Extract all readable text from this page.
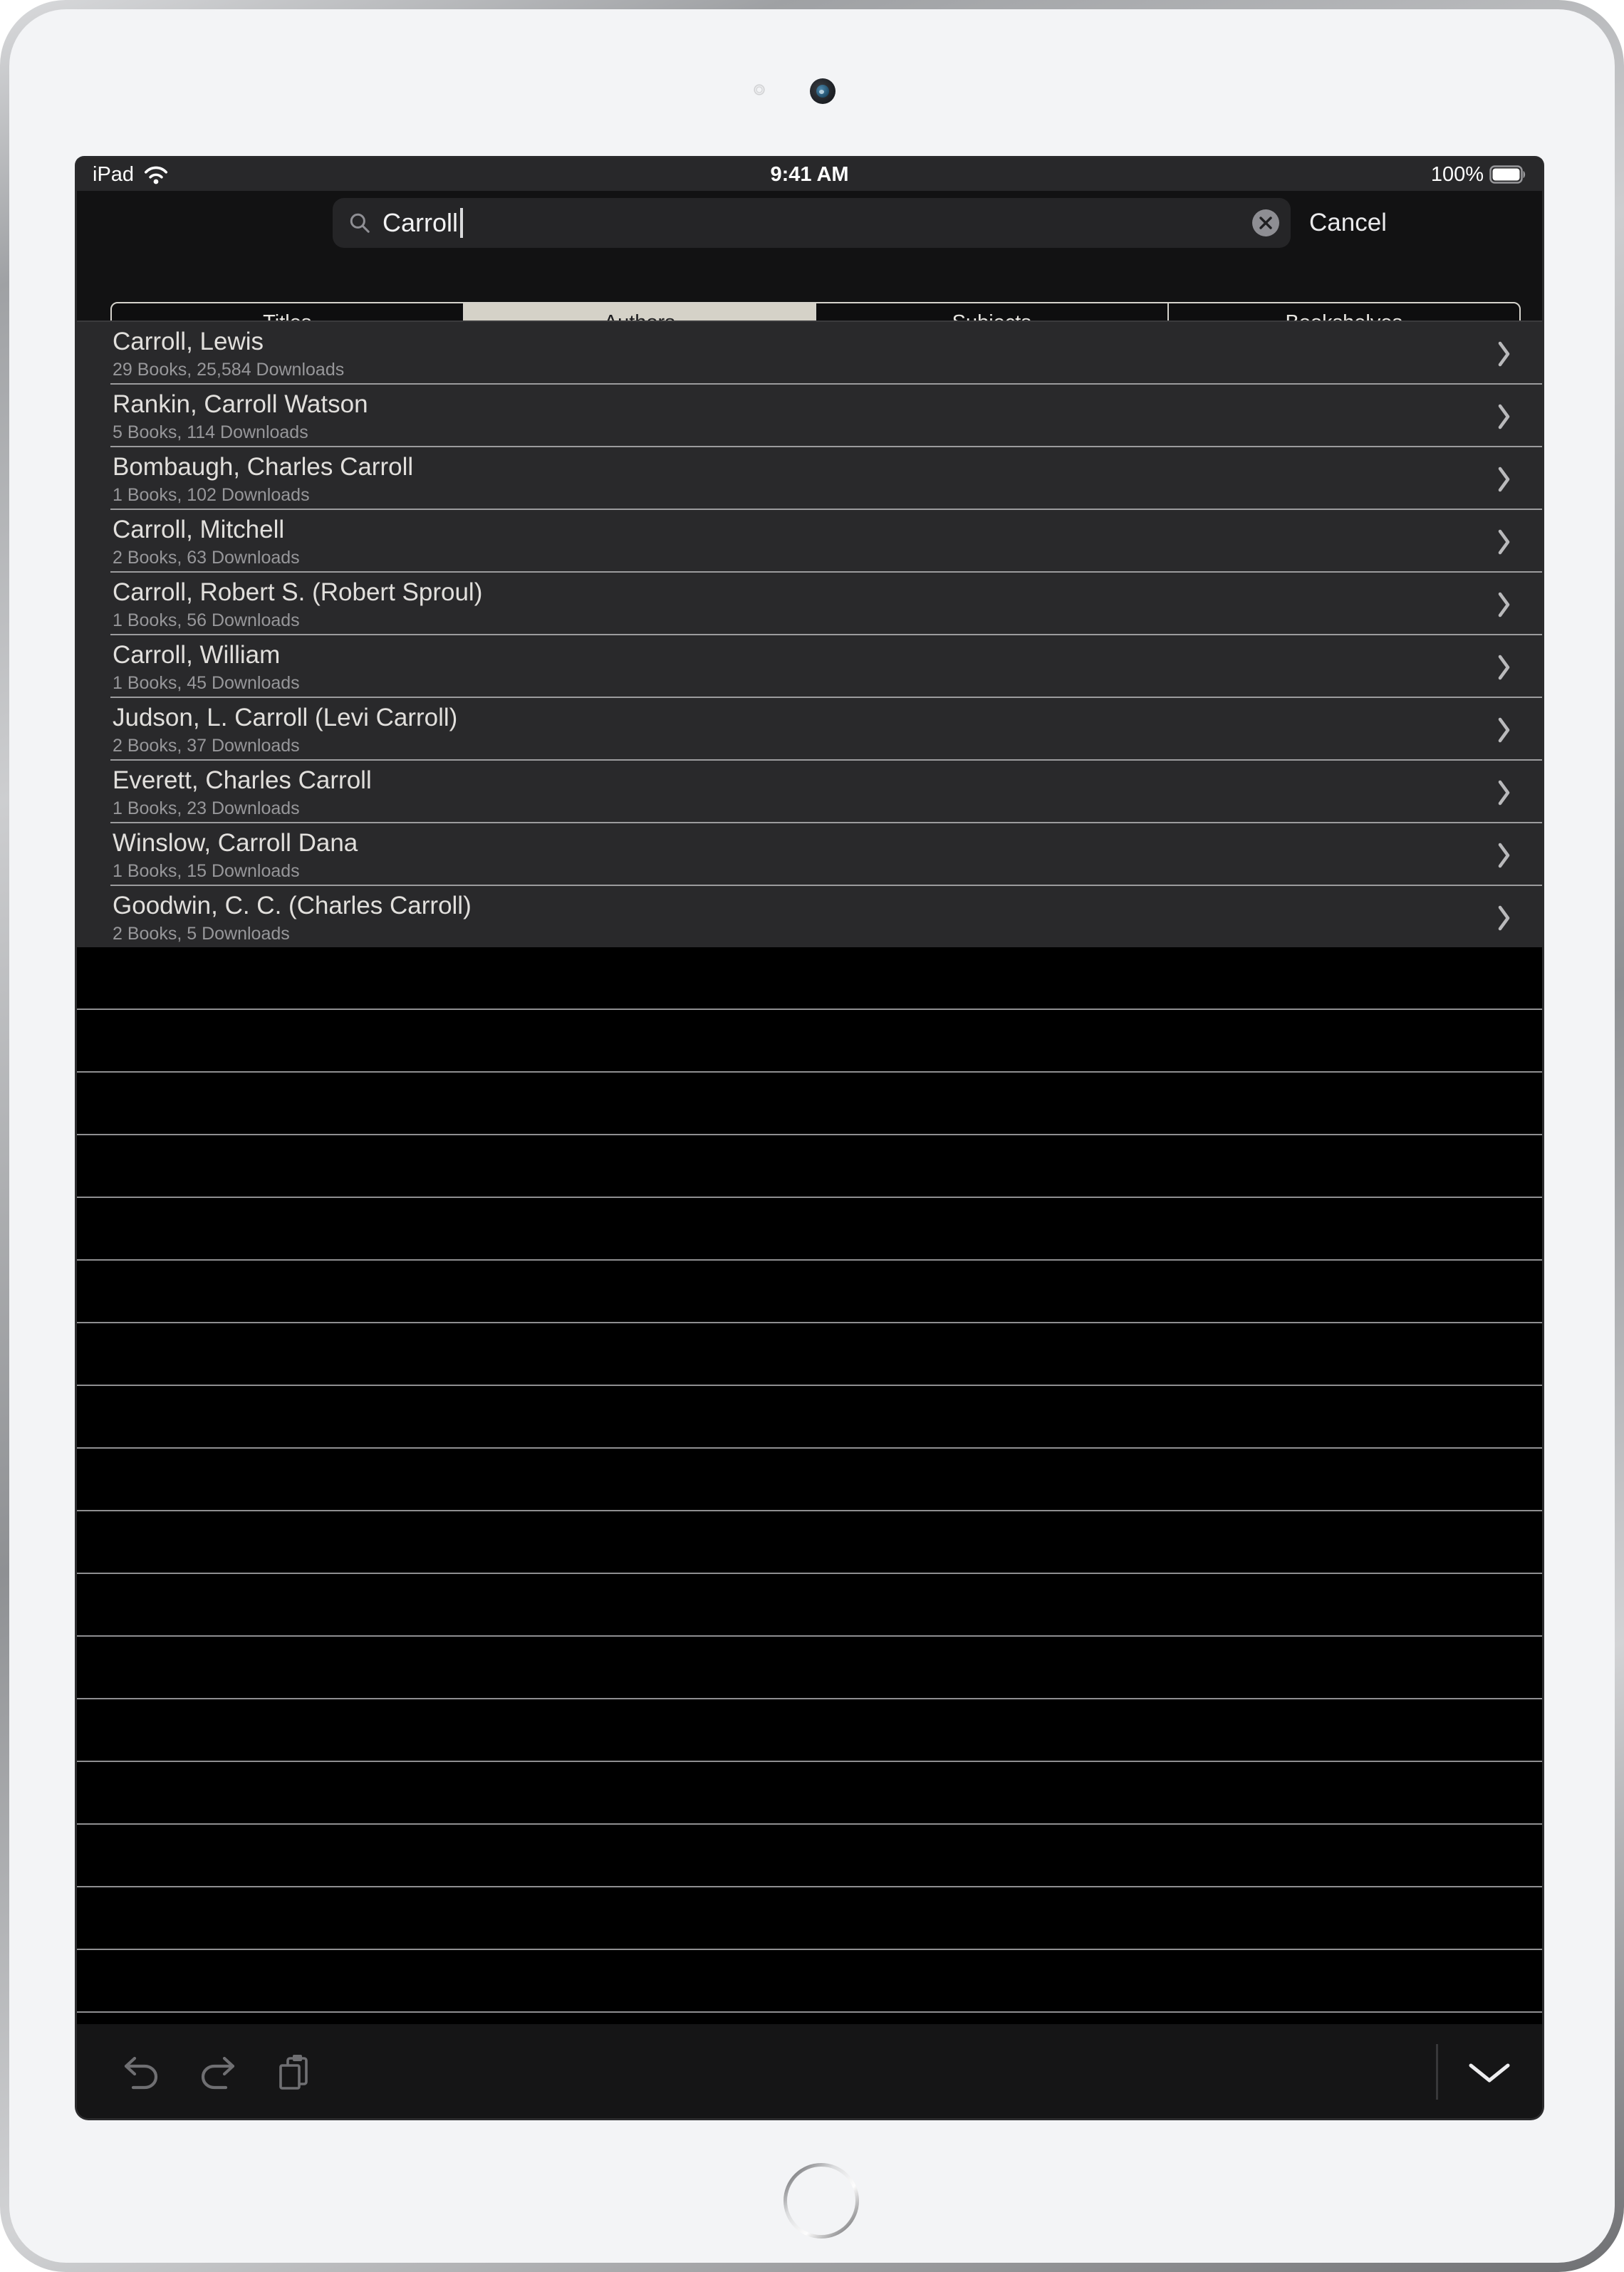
iPad	9:41 AM	100%
Carroll	Cancel
Carroll, Lewis
29 Books, 25,584 Downloads
Rankin, Carroll Watson
5 Books, 114 Downloads
Bombaugh, Charles Carroll
1 Books, 102 Downloads
Carroll, Mitchell
2 Books, 63 Downloads
Carroll, Robert S. (Robert Sproul)
1 Books, 56 Downloads
Carroll, William
1 Books, 45 Downloads
Judson, L. Carroll (Levi Carroll)
2 Books, 37 Downloads
Everett, Charles Carroll
1 Books, 23 Downloads
Winslow, Carroll Dana
1 Books, 15 Downloads
Goodwin, C. C. (Charles Carroll)
2 Books, 5 Downloads
